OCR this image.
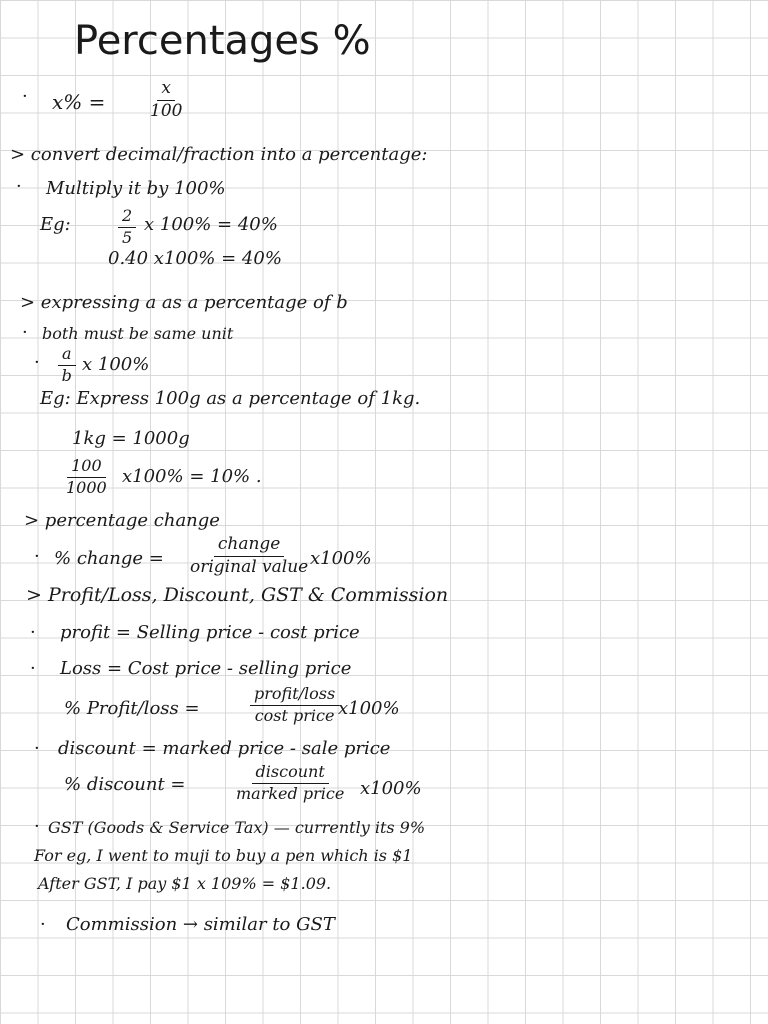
Percentages %
· x% =	$\frac{x}{100}$
> convert decimal/fraction into a percentage:
· Multiply it by 100%
Eg:	$\frac{2}{5}$ x 100% = 40%
0.40 x100% = 40%
> expressing a as a percentage of b
· both must be same unit
· $\frac{a}{b}$ x 100%
Eg: Express 100g as a percentage of 1kg.
1kg = 1000g
$\frac{100}{1000} x100\% = 10\%$ .
> percentage change
· % change =
change
original value x100%
> Profit/Loss, Discount, GST & Commission
· profit = Selling price - cost price
· Loss = Cost price - selling price
% Profit/loss =
profit/loss
cost price x100%
· discount = marked price - sale price
% discount =
discount
marked price x100%
· GST (Goods & Service Tax) — currently its 9%
For eg, I went to muji to buy a pen which is $1
After GST, I pay $1 x 109% = $1.09.
· Commission → similar to GST
